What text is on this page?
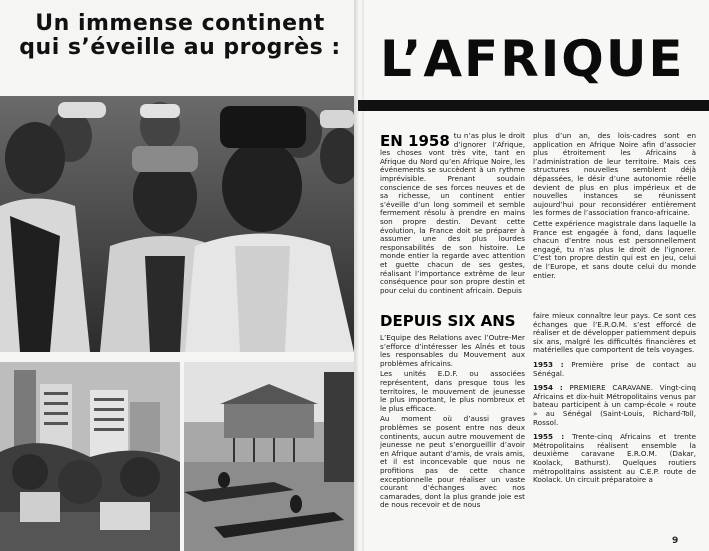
Un immense continent
qui s’éveille au progrès : L’AFRIQUE
EN 1958 tu n’as plus le droit d’ignorer l’Afrique, les choses vont très vite, tant en Afrique du Nord qu’en Afrique Noire, les événements se succèdent à un rythme imprévisible. Prenant soudain conscience de ses forces neuves et de sa richesse, un continent entier s’éveille d’un long sommeil et semble fermement résolu à prendre en mains son propre destin. Devant cette évolution, la France doit se préparer à assumer une des plus lourdes responsabilités de son histoire. Le monde entier la regarde avec attention et guette chacun de ses gestes, réalisant l’importance extrême de leur conséquence pour son propre destin et pour celui du continent africain. Depuis

plus d’un an, des lois-cadres sont en application en Afrique Noire afin d’associer plus étroitement les Africains à l’administration de leur territoire. Mais ces structures nouvelles semblent déjà dépassées, le désir d’une autonomie réelle devient de plus en plus impérieux et de nouvelles instances se réunissent aujourd’hui pour reconsidérer entièrement les formes de l’association franco-africaine.

Cette expérience magistrale dans laquelle la France est engagée à fond, dans laquelle chacun d’entre nous est personnellement engagé, tu n’as plus le droit de l’ignorer. C’est ton propre destin qui est en jeu, celui de l’Europe, et sans doute celui du monde entier.

DEPUIS SIX ANS

L’Equipe des Relations avec l’Outre-Mer s’efforce d’intéresser les Aînés et tous les responsables du Mouvement aux problèmes africains.

Les unités E.D.F. ou associées représentent, dans presque tous les territoires, le mouvement de jeunesse le plus important, le plus nombreux et le plus efficace.

Au moment où d’aussi graves problèmes se posent entre nos deux continents, aucun autre mouvement de jeunesse ne peut s’enorgueillir d’avoir en Afrique autant d’amis, de vrais amis, et il est inconcevable que nous ne profitions pas de cette chance exceptionnelle pour réaliser un vaste courant d’échanges avec nos camarades, dont la plus grande joie est de nous recevoir et de nous

faire mieux connaître leur pays. Ce sont ces échanges que l’E.R.O.M. s’est efforcé de réaliser et de développer patiemment depuis six ans, malgré les difficultés financières et matérielles que comportent de tels voyages.

1953 : Première prise de contact au Sénégal.

1954 : PREMIERE CARAVANE. Vingt-cinq Africains et dix-huit Métropolitains venus par bateau participent à un camp-école « route » au Sénégal (Saint-Louis, Richard-Toll, Rossol.

1955 : Trente-cinq Africains et trente Métropolitains réalisent ensemble la deuxième caravane E.R.O.M. (Dakar, Koolack, Bathurst). Quelques routiers métropolitains assistent au C.E.P. route de Koolack. Un circuit préparatoire a

9
